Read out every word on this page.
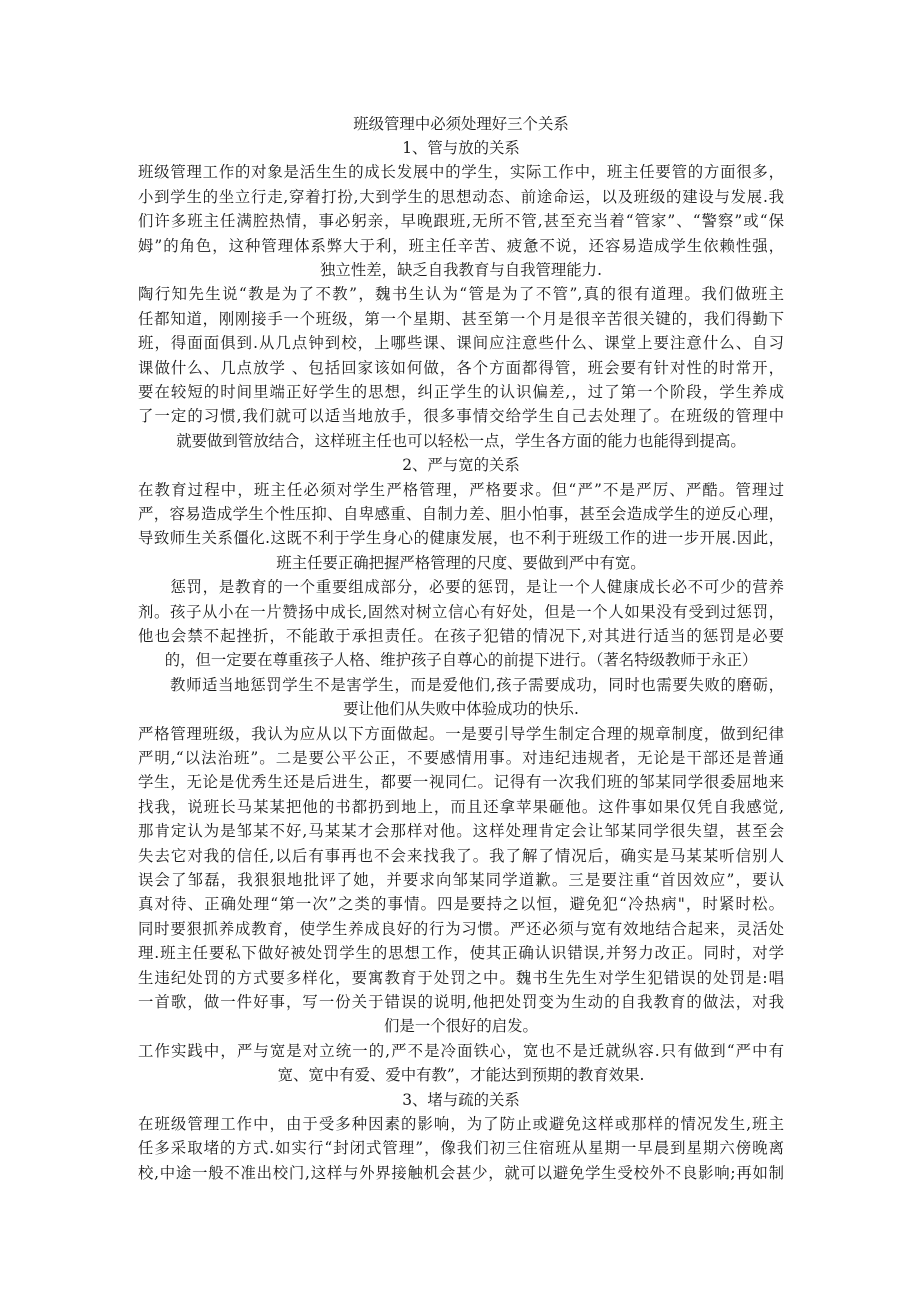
班级管理中必须处理好三个关系
1、管与放的关系
班级管理工作的对象是活生生的成长发展中的学生，实际工作中，班主任要管的方面很多，
小到学生的坐立行走,穿着打扮,大到学生的思想动态、前途命运，以及班级的建设与发展.我
们许多班主任满腔热情，事必躬亲，早晚跟班,无所不管,甚至充当着“管家”、“警察”或“保
姆”的角色，这种管理体系弊大于利，班主任辛苦、疲惫不说，还容易造成学生依赖性强，
独立性差，缺乏自我教育与自我管理能力.
陶行知先生说“教是为了不教”，魏书生认为“管是为了不管”,真的很有道理。我们做班主
任都知道，刚刚接手一个班级，第一个星期、甚至第一个月是很辛苦很关键的，我们得勤下
班，得面面俱到.从几点钟到校，上哪些课、课间应注意些什么、课堂上要注意什么、自习
课做什么、几点放学 、包括回家该如何做，各个方面都得管，班会要有针对性的时常开，
要在较短的时间里端正好学生的思想，纠正学生的认识偏差,，过了第一个阶段，学生养成
了一定的习惯,我们就可以适当地放手，很多事情交给学生自己去处理了。在班级的管理中
就要做到管放结合，这样班主任也可以轻松一点，学生各方面的能力也能得到提高。
2、严与宽的关系
在教育过程中，班主任必须对学生严格管理，严格要求。但“严”不是严厉、严酷。管理过
严，容易造成学生个性压抑、自卑感重、自制力差、胆小怕事，甚至会造成学生的逆反心理，
导致师生关系僵化.这既不利于学生身心的健康发展，也不利于班级工作的进一步开展.因此，
班主任要正确把握严格管理的尺度、要做到严中有宽。
　　惩罚，是教育的一个重要组成部分，必要的惩罚，是让一个人健康成长必不可少的营养
剂。孩子从小在一片赞扬中成长,固然对树立信心有好处，但是一个人如果没有受到过惩罚，
他也会禁不起挫折，不能敢于承担责任。在孩子犯错的情况下,对其进行适当的惩罚是必要
的，但一定要在尊重孩子人格、维护孩子自尊心的前提下进行。（著名特级教师于永正）
　　教师适当地惩罚学生不是害学生，而是爱他们,孩子需要成功，同时也需要失败的磨砺，
要让他们从失败中体验成功的快乐.
严格管理班级，我认为应从以下方面做起。一是要引导学生制定合理的规章制度，做到纪律
严明,“以法治班”。二是要公平公正，不要感情用事。对违纪违规者，无论是干部还是普通
学生，无论是优秀生还是后进生，都要一视同仁。记得有一次我们班的邹某同学很委屈地来
找我，说班长马某某把他的书都扔到地上，而且还拿苹果砸他。这件事如果仅凭自我感觉,
那肯定认为是邹某不好,马某某才会那样对他。这样处理肯定会让邹某同学很失望，甚至会
失去它对我的信任,以后有事再也不会来找我了。我了解了情况后，确实是马某某听信别人
误会了邹磊，我狠狠地批评了她，并要求向邹某同学道歉。三是要注重“首因效应”，要认
真对待、正确处理“第一次”之类的事情。四是要持之以恒，避免犯“冷热病"，时紧时松。
同时要狠抓养成教育，使学生养成良好的行为习惯。严还必须与宽有效地结合起来，灵活处
理.班主任要私下做好被处罚学生的思想工作，使其正确认识错误,并努力改正。同时，对学
生违纪处罚的方式要多样化，要寓教育于处罚之中。魏书生先生对学生犯错误的处罚是:唱
一首歌，做一件好事，写一份关于错误的说明,他把处罚变为生动的自我教育的做法，对我
们是一个很好的启发。
工作实践中，严与宽是对立统一的,严不是冷面铁心，宽也不是迁就纵容.只有做到“严中有
宽、宽中有爱、爱中有教”，才能达到预期的教育效果.
3、堵与疏的关系
在班级管理工作中，由于受多种因素的影响，为了防止或避免这样或那样的情况发生,班主
任多采取堵的方式.如实行“封闭式管理”，像我们初三住宿班从星期一早晨到星期六傍晚离
校,中途一般不准出校门,这样与外界接触机会甚少，就可以避免学生受校外不良影响;再如制
